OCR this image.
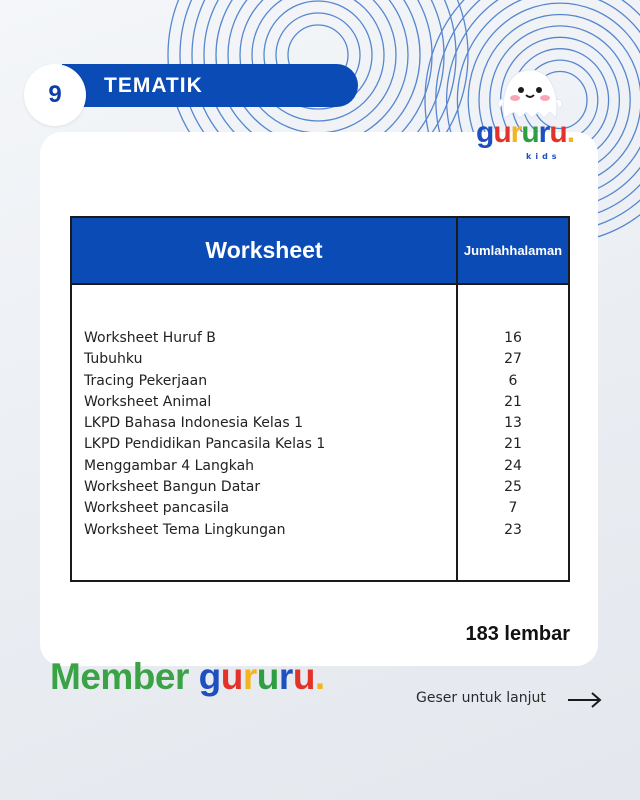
9 TEMATIK
gururu.
kids
Worksheet	Jumlah halaman
Worksheet Huruf B
Tubuhku
Tracing Pekerjaan
Worksheet Animal
LKPD Bahasa Indonesia Kelas 1
LKPD Pendidikan Pancasila Kelas 1
Menggambar 4 Langkah
Worksheet Bangun Datar
Worksheet pancasila
Worksheet Tema Lingkungan
16
27
6
21
13
21
24
25
7
23
183 lembar
Member gururu.
Geser untuk lanjut
